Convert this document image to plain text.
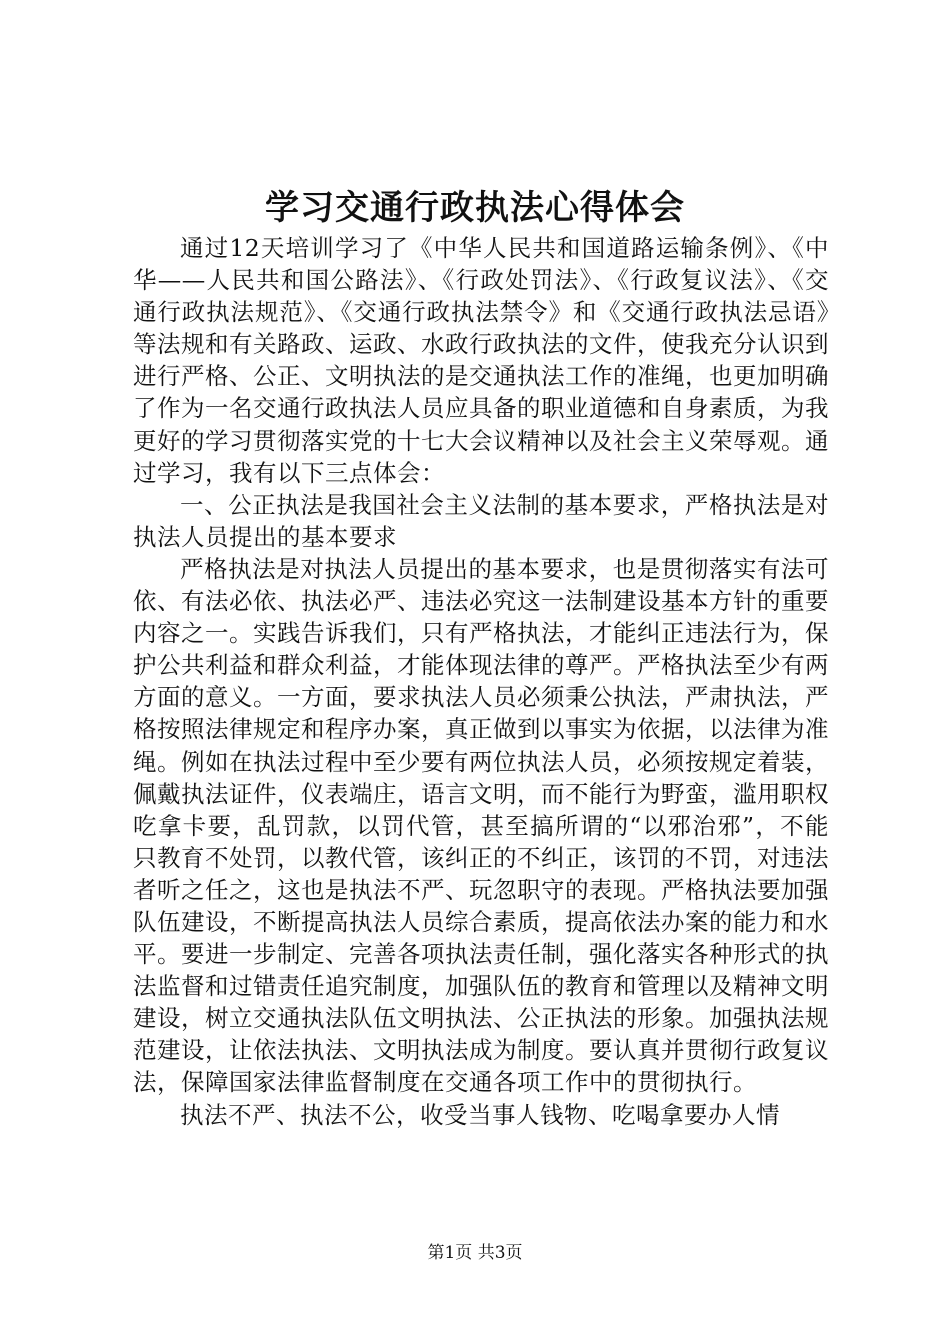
学习交通行政执法心得体会

通过12天培训学习了《中华人民共和国道路运输条例》、《中华——人民共和国公路法》、《行政处罚法》、《行政复议法》、《交通行政执法规范》、《交通行政执法禁令》和《交通行政执法忌语》等法规和有关路政、运政、水政行政执法的文件，使我充分认识到进行严格、公正、文明执法的是交通执法工作的准绳，也更加明确了作为一名交通行政执法人员应具备的职业道德和自身素质，为我更好的学习贯彻落实党的十七大会议精神以及社会主义荣辱观。通过学习，我有以下三点体会：

一、公正执法是我国社会主义法制的基本要求，严格执法是对执法人员提出的基本要求

严格执法是对执法人员提出的基本要求，也是贯彻落实有法可依、有法必依、执法必严、违法必究这一法制建设基本方针的重要内容之一。实践告诉我们，只有严格执法，才能纠正违法行为，保护公共利益和群众利益，才能体现法律的尊严。严格执法至少有两方面的意义。一方面，要求执法人员必须秉公执法，严肃执法，严格按照法律规定和程序办案，真正做到以事实为依据，以法律为准绳。例如在执法过程中至少要有两位执法人员，必须按规定着装，佩戴执法证件，仪表端庄，语言文明，而不能行为野蛮，滥用职权吃拿卡要，乱罚款，以罚代管，甚至搞所谓的“以邪治邪”，不能只教育不处罚，以教代管，该纠正的不纠正，该罚的不罚，对违法者听之任之，这也是执法不严、玩忽职守的表现。严格执法要加强队伍建设，不断提高执法人员综合素质，提高依法办案的能力和水平。要进一步制定、完善各项执法责任制，强化落实各种形式的执法监督和过错责任追究制度，加强队伍的教育和管理以及精神文明建设，树立交通执法队伍文明执法、公正执法的形象。加强执法规范建设，让依法执法、文明执法成为制度。要认真并贯彻行政复议法，保障国家法律监督制度在交通各项工作中的贯彻执行。

执法不严、执法不公，收受当事人钱物、吃喝拿要办人情

第1页 共3页
